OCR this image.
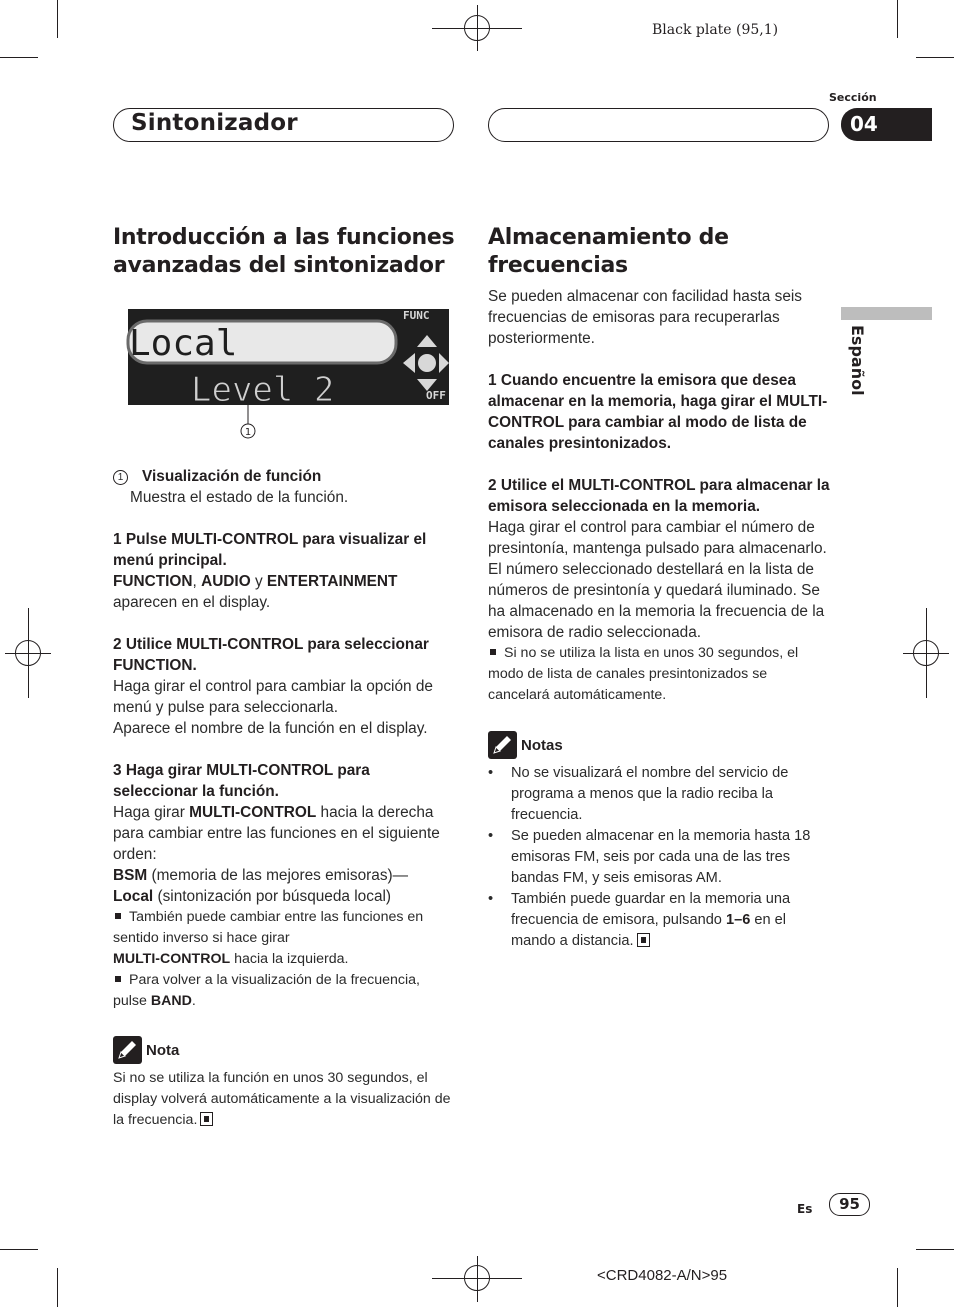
Black plate (95,1)
Sintonizador
Sección
04
Español

Introducción a las funciones avanzadas del sintonizador

Local
Level 2
FUNC
OFF
1

1 Visualización de función

Muestra el estado de la función.

1 Pulse MULTI-CONTROL para visualizar el menú principal.

FUNCTION, AUDIO y ENTERTAINMENT aparecen en el display.

2 Utilice MULTI-CONTROL para seleccionar FUNCTION.

Haga girar el control para cambiar la opción de menú y pulse para seleccionarla.

Aparece el nombre de la función en el display.

3 Haga girar MULTI-CONTROL para seleccionar la función.

Haga girar MULTI-CONTROL hacia la derecha para cambiar entre las funciones en el siguiente orden:

BSM (memoria de las mejores emisoras)—

Local (sintonización por búsqueda local)

También puede cambiar entre las funciones en sentido inverso si hace girar

MULTI-CONTROL hacia la izquierda.

Para volver a la visualización de la frecuencia, pulse BAND.

Nota

Si no se utiliza la función en unos 30 segundos, el display volverá automáticamente a la visualización de la frecuencia.

Almacenamiento de frecuencias

Se pueden almacenar con facilidad hasta seis frecuencias de emisoras para recuperarlas posteriormente.

1 Cuando encuentre la emisora que desea almacenar en la memoria, haga girar el MULTI-CONTROL para cambiar al modo de lista de canales presintonizados.

2 Utilice el MULTI-CONTROL para almacenar la emisora seleccionada en la memoria.

Haga girar el control para cambiar el número de presintonía, mantenga pulsado para almacenarlo.

El número seleccionado destellará en la lista de números de presintonía y quedará iluminado. Se ha almacenado en la memoria la frecuencia de la emisora de radio seleccionada.

Si no se utiliza la lista en unos 30 segundos, el modo de lista de canales presintonizados se cancelará automáticamente.

Notas
• No se visualizará el nombre del servicio de programa a menos que la radio reciba la frecuencia.
• Se pueden almacenar en la memoria hasta 18 emisoras FM, seis por cada una de las tres bandas FM, y seis emisoras AM.
• También puede guardar en la memoria una frecuencia de emisora, pulsando 1–6 en el mando a distancia.
Es	95
<CRD4082-A/N>95
